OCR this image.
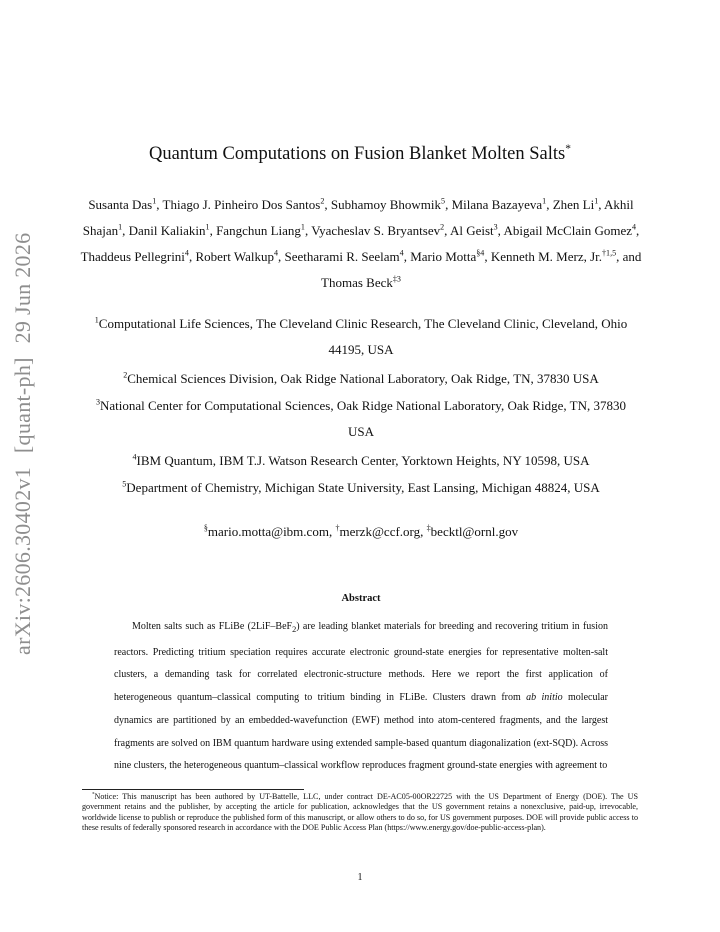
arXiv:2606.30402v1 [quant-ph] 29 Jun 2026
Quantum Computations on Fusion Blanket Molten Salts*
Susanta Das$^1$, Thiago J. Pinheiro Dos Santos$^2$, Subhamoy Bhowmik$^5$, Milana Bazayeva$^1$, Zhen Li$^1$, Akhil Shajan$^1$, Danil Kaliakin$^1$, Fangchun Liang$^1$, Vyacheslav S. Bryantsev$^2$, Al Geist$^3$, Abigail McClain Gomez$^4$, Thaddeus Pellegrini$^4$, Robert Walkup$^4$, Seetharami R. Seelam$^4$, Mario Motta$^{\S 4}$, Kenneth M. Merz, Jr.$^{\dagger 1,5}$, and Thomas Beck$^{\ddagger 3}$
$^1$Computational Life Sciences, The Cleveland Clinic Research, The Cleveland Clinic, Cleveland, Ohio 44195, USA
$^2$Chemical Sciences Division, Oak Ridge National Laboratory, Oak Ridge, TN, 37830 USA
$^3$National Center for Computational Sciences, Oak Ridge National Laboratory, Oak Ridge, TN, 37830 USA
$^4$IBM Quantum, IBM T.J. Watson Research Center, Yorktown Heights, NY 10598, USA
$^5$Department of Chemistry, Michigan State University, East Lansing, Michigan 48824, USA
§mario.motta@ibm.com, †merzk@ccf.org, ‡becktl@ornl.gov
Abstract

Molten salts such as FLiBe (2LiF–BeF$_2$) are leading blanket materials for breeding and recovering tritium in fusion reactors. Predicting tritium speciation requires accurate electronic ground-state energies for representative molten-salt clusters, a demanding task for correlated electronic-structure methods. Here we report the first application of heterogeneous quantum–classical computing to tritium binding in FLiBe. Clusters drawn from ab initio molecular dynamics are partitioned by an embedded-wavefunction (EWF) method into atom-centered fragments, and the largest fragments are solved on IBM quantum hardware using extended sample-based quantum diagonalization (ext-SQD). Across nine clusters, the heterogeneous quantum–classical workflow reproduces fragment ground-state energies with agreement to

*Notice: This manuscript has been authored by UT-Battelle, LLC, under contract DE-AC05-00OR22725 with the US Department of Energy (DOE). The US government retains and the publisher, by accepting the article for publication, acknowledges that the US government retains a nonexclusive, paid-up, irrevocable, worldwide license to publish or reproduce the published form of this manuscript, or allow others to do so, for US government purposes. DOE will provide public access to these results of federally sponsored research in accordance with the DOE Public Access Plan (https://www.energy.gov/doe-public-access-plan).
1
